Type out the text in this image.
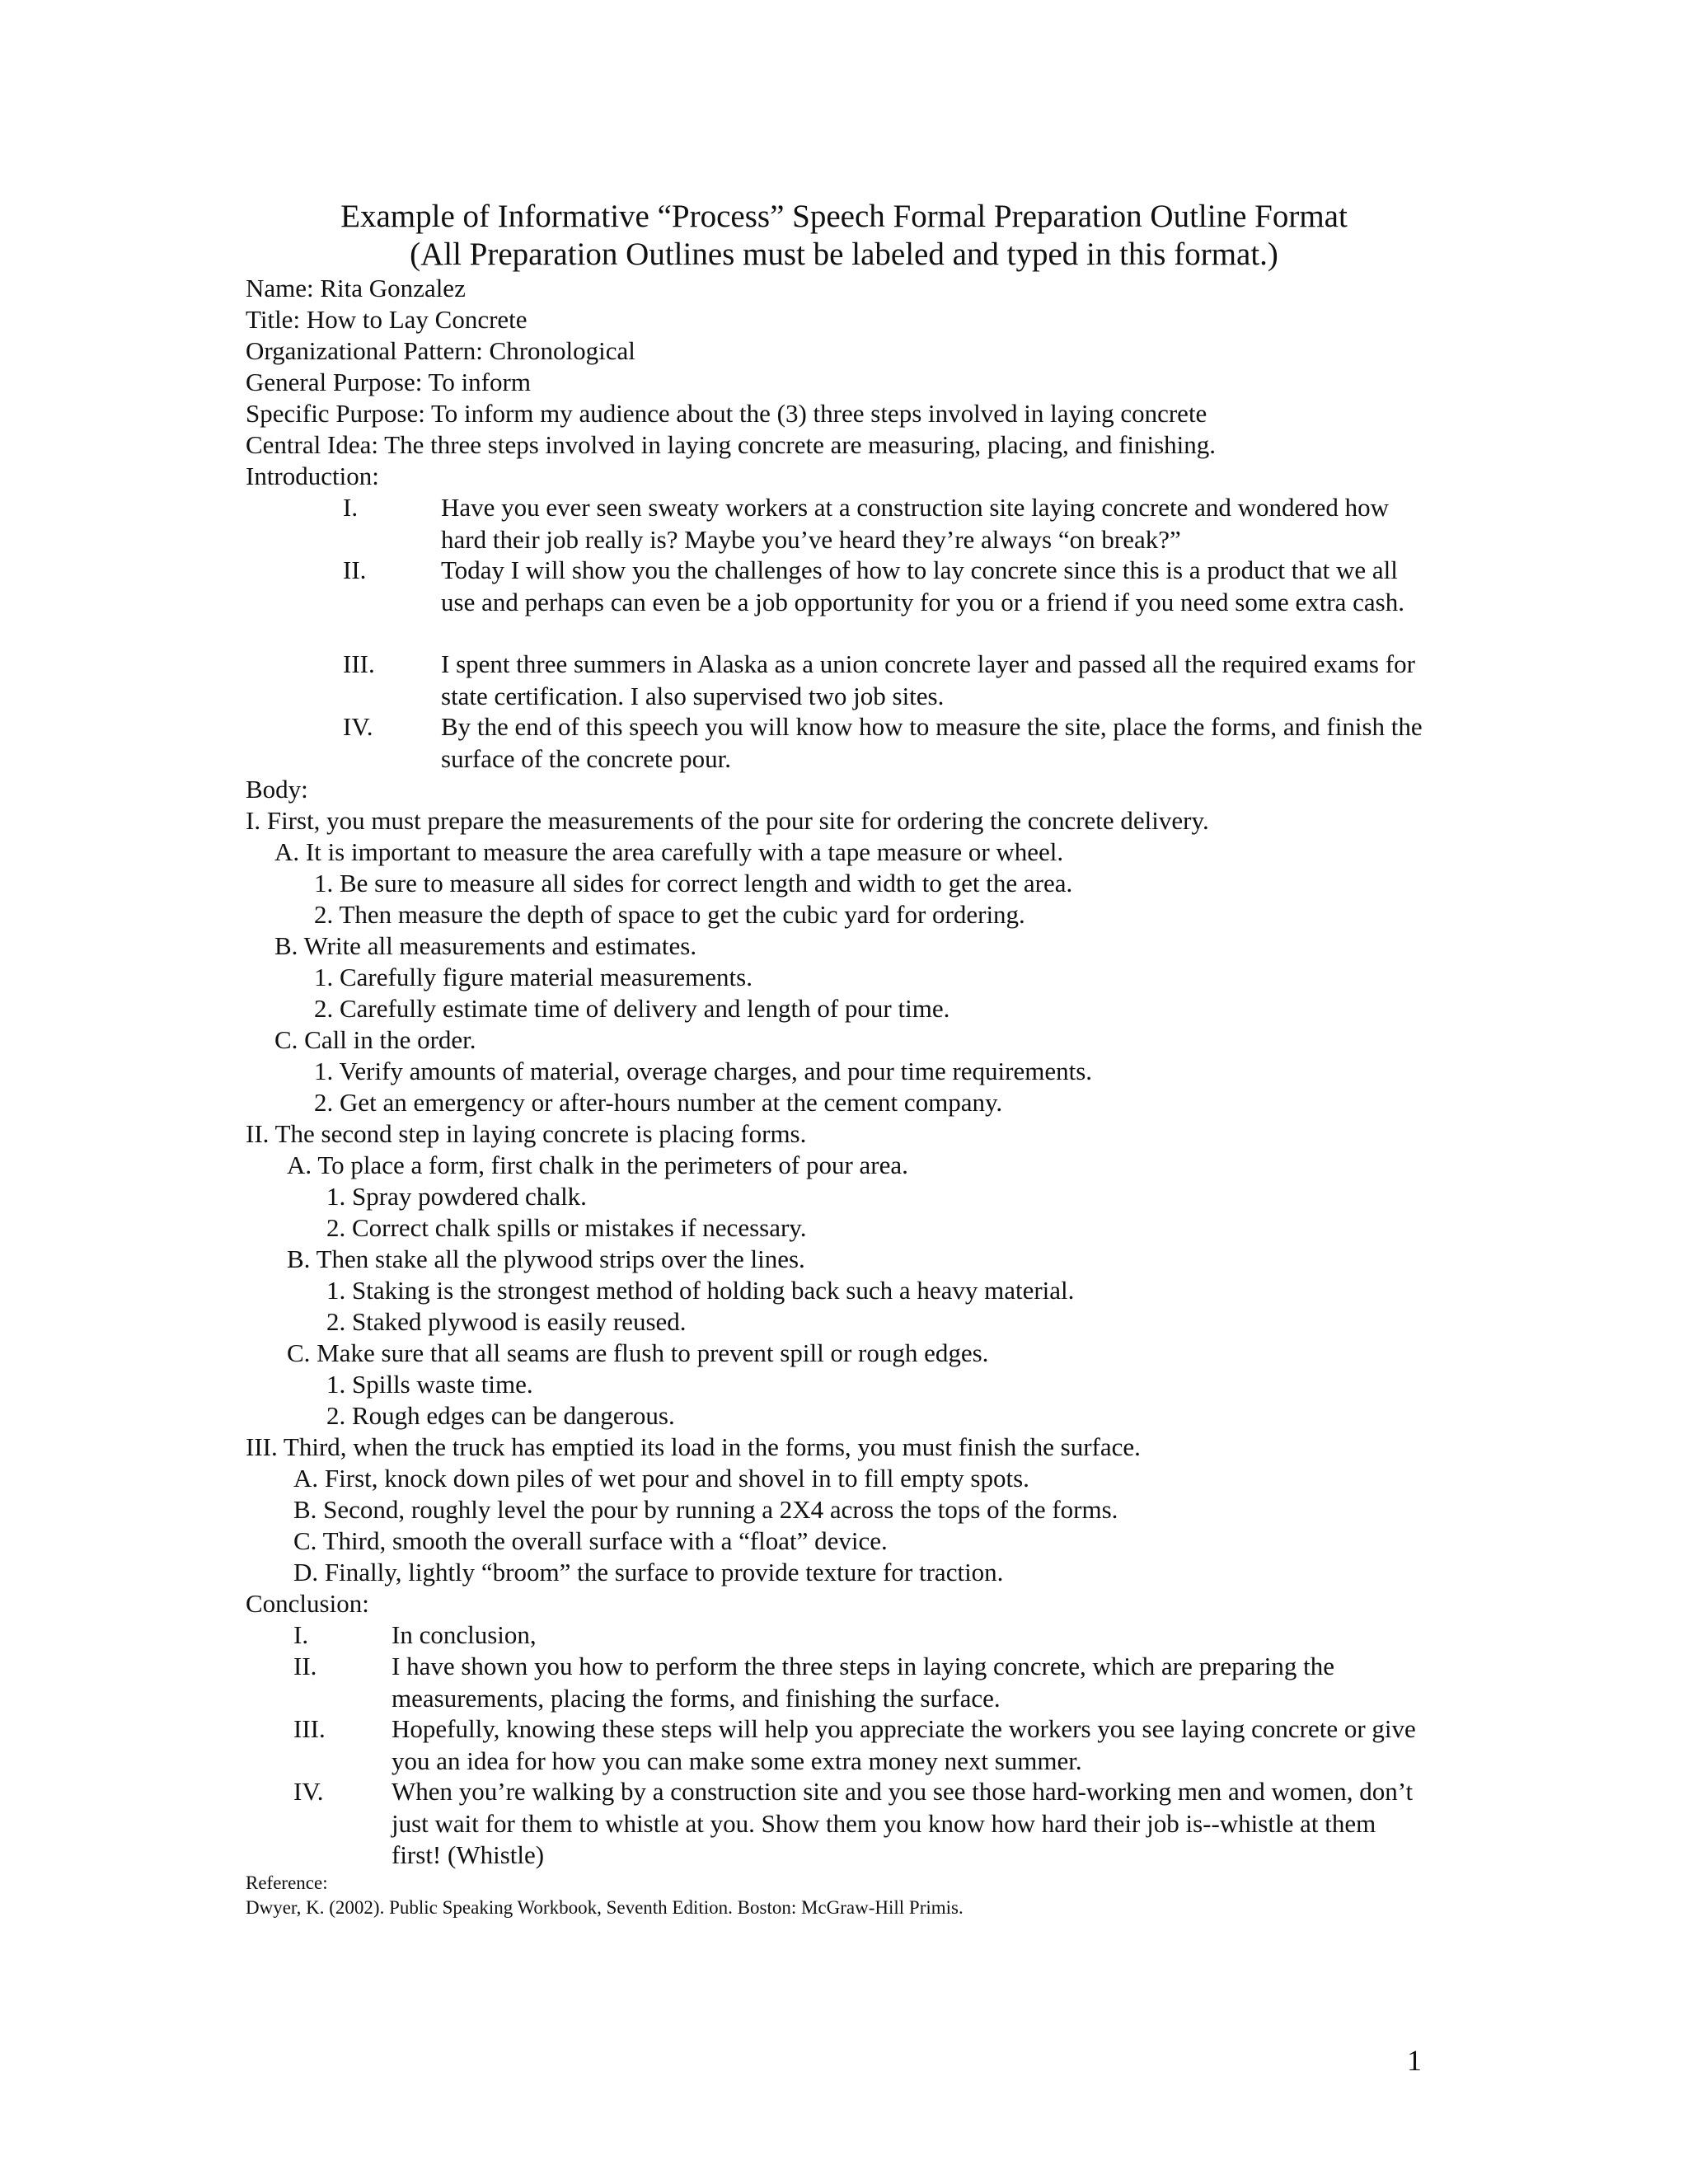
Example of Informative “Process” Speech Formal Preparation Outline Format
(All Preparation Outlines must be labeled and typed in this format.)
Name: Rita Gonzalez
Title: How to Lay Concrete
Organizational Pattern: Chronological
General Purpose: To inform
Specific Purpose: To inform my audience about the (3) three steps involved in laying concrete
Central Idea: The three steps involved in laying concrete are measuring, placing, and finishing.
Introduction:
I.	Have you ever seen sweaty workers at a construction site laying concrete and wondered how hard their job really is? Maybe you’ve heard they’re always “on break?”
II.	Today I will show you the challenges of how to lay concrete since this is a product that we all use and perhaps can even be a job opportunity for you or a friend if you need some extra cash.
III.	I spent three summers in Alaska as a union concrete layer and passed all the required exams for state certification. I also supervised two job sites.
IV.	By the end of this speech you will know how to measure the site, place the forms, and finish the surface of the concrete pour.
Body:
I. First, you must prepare the measurements of the pour site for ordering the concrete delivery.
A. It is important to measure the area carefully with a tape measure or wheel.
1. Be sure to measure all sides for correct length and width to get the area.
2. Then measure the depth of space to get the cubic yard for ordering.
B. Write all measurements and estimates.
1. Carefully figure material measurements.
2. Carefully estimate time of delivery and length of pour time.
C. Call in the order.
1. Verify amounts of material, overage charges, and pour time requirements.
2. Get an emergency or after-hours number at the cement company.
II. The second step in laying concrete is placing forms.
A. To place a form, first chalk in the perimeters of pour area.
1. Spray powdered chalk.
2. Correct chalk spills or mistakes if necessary.
B. Then stake all the plywood strips over the lines.
1. Staking is the strongest method of holding back such a heavy material.
2. Staked plywood is easily reused.
C. Make sure that all seams are flush to prevent spill or rough edges.
1. Spills waste time.
2. Rough edges can be dangerous.
III. Third, when the truck has emptied its load in the forms, you must finish the surface.
A. First, knock down piles of wet pour and shovel in to fill empty spots.
B. Second, roughly level the pour by running a 2X4 across the tops of the forms.
C. Third, smooth the overall surface with a “float” device.
D. Finally, lightly “broom” the surface to provide texture for traction.
Conclusion:
I.	In conclusion,
II.	I have shown you how to perform the three steps in laying concrete, which are preparing the measurements, placing the forms, and finishing the surface.
III.	Hopefully, knowing these steps will help you appreciate the workers you see laying concrete or give you an idea for how you can make some extra money next summer.
IV.	When you’re walking by a construction site and you see those hard-working men and women, don’t just wait for them to whistle at you. Show them you know how hard their job is--whistle at them first! (Whistle)
Reference:
Dwyer, K. (2002). Public Speaking Workbook, Seventh Edition. Boston: McGraw-Hill Primis.
1
